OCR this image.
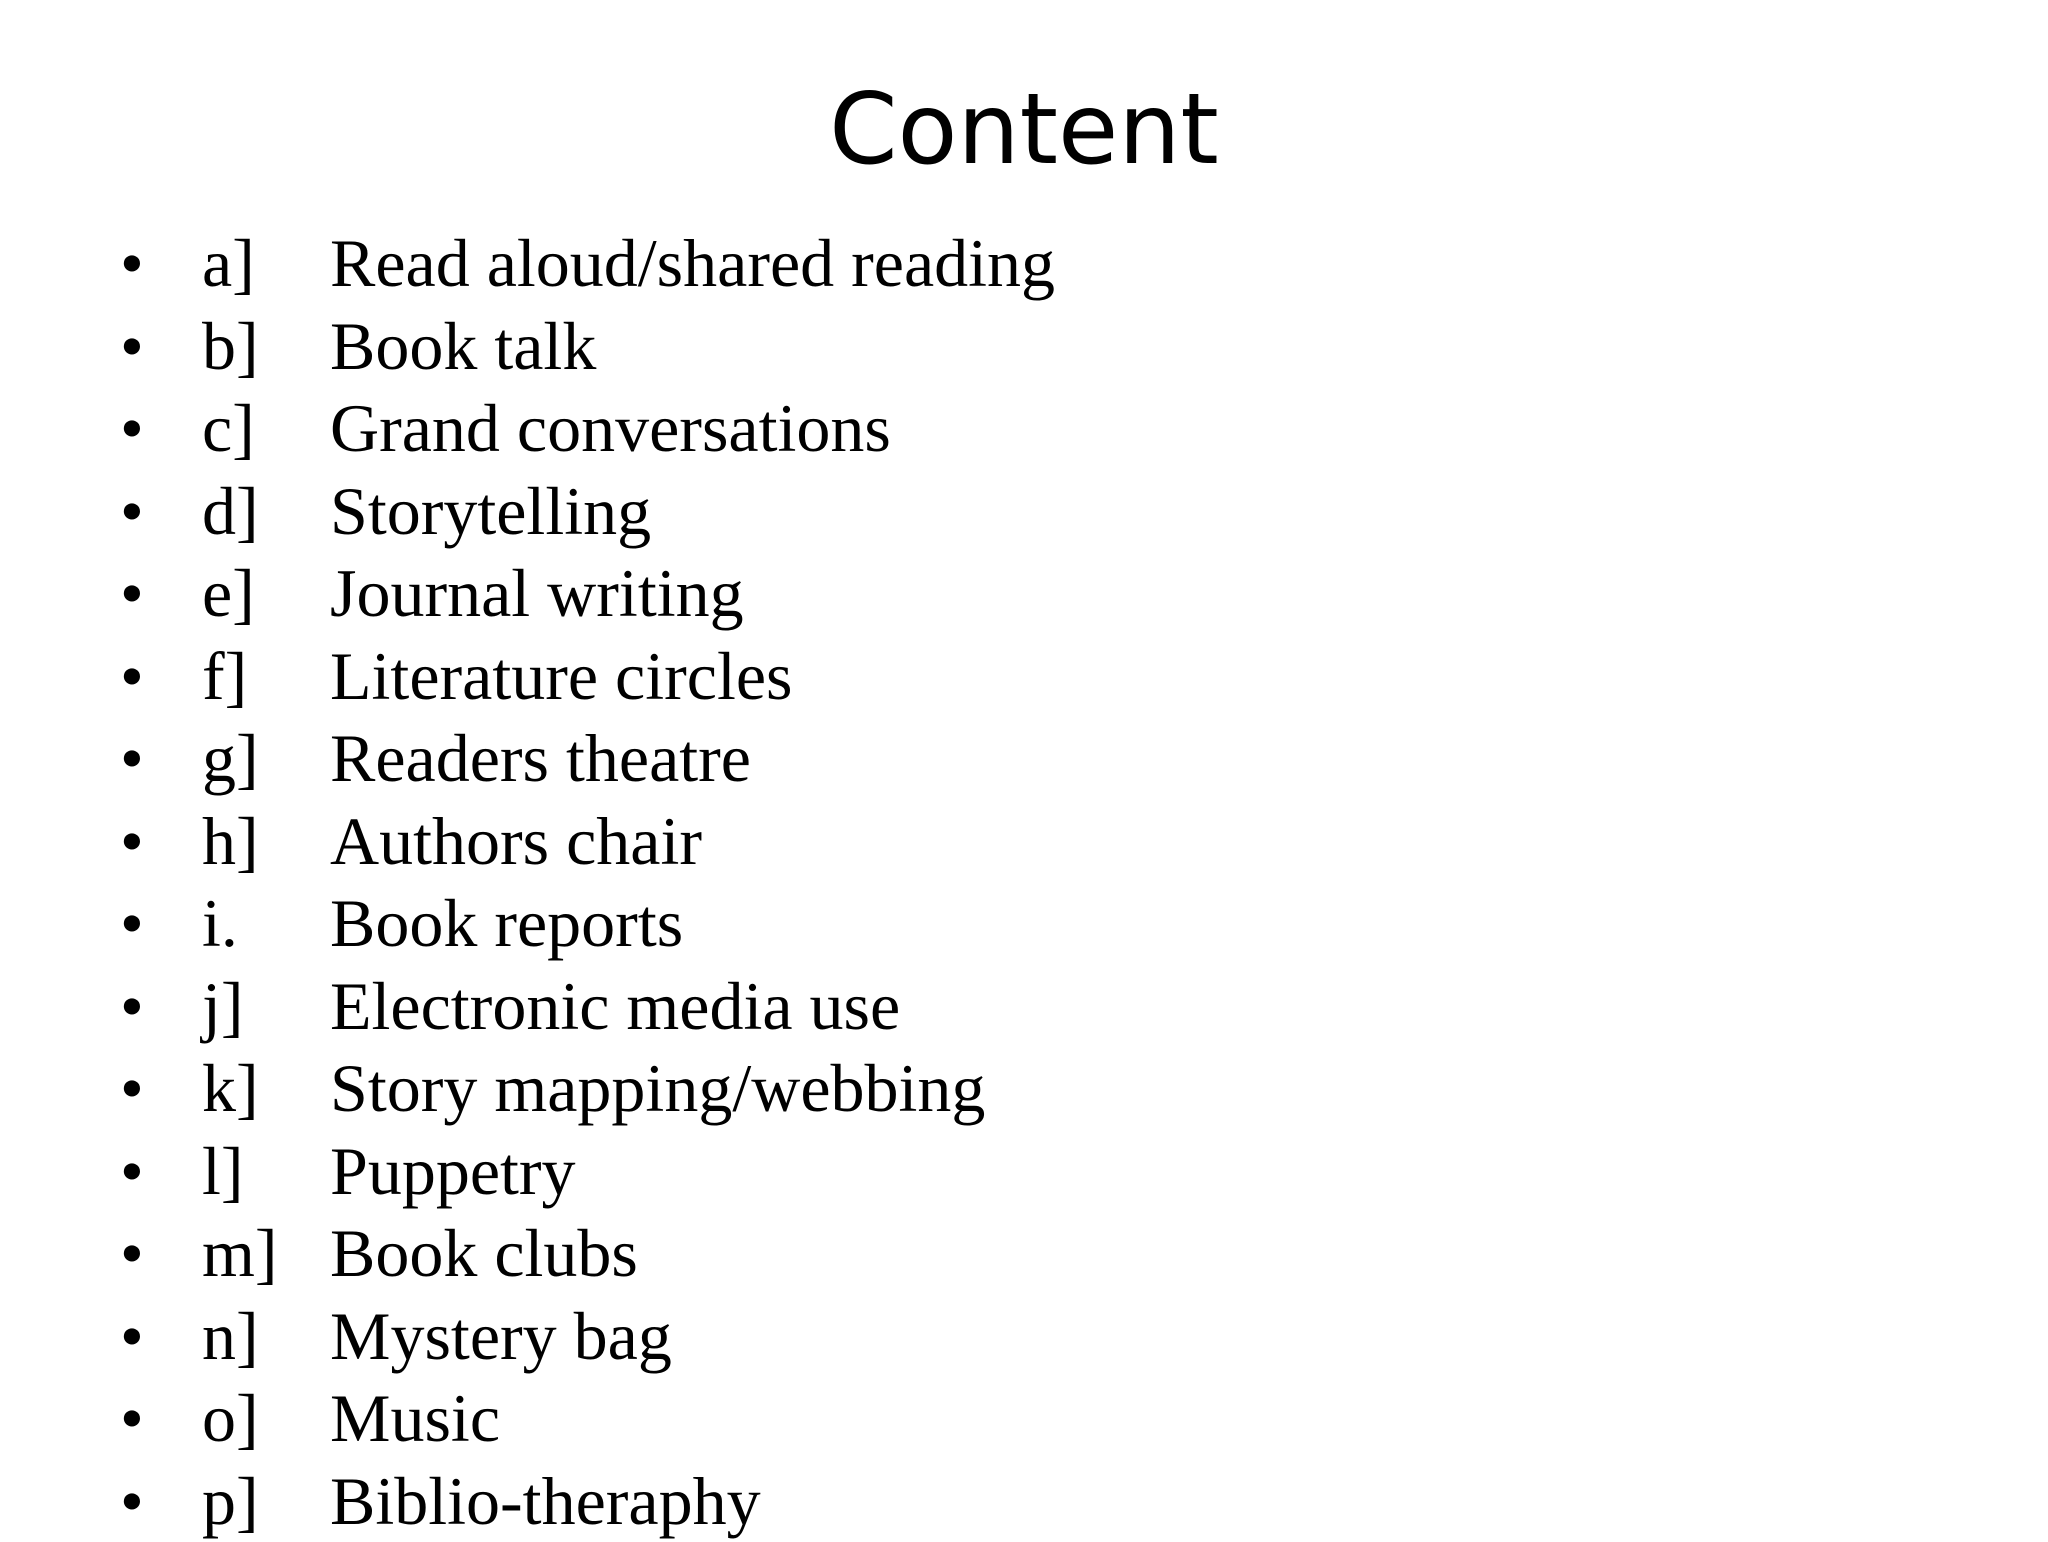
Content
• a] Read aloud/shared reading
• b] Book talk
• c] Grand conversations
• d] Storytelling
• e] Journal writing
• f] Literature circles
• g] Readers theatre
• h] Authors chair
• i. Book reports
• j] Electronic media use
• k] Story mapping/webbing
• l] Puppetry
• m] Book clubs
• n] Mystery bag
• o] Music
• p] Biblio-theraphy
